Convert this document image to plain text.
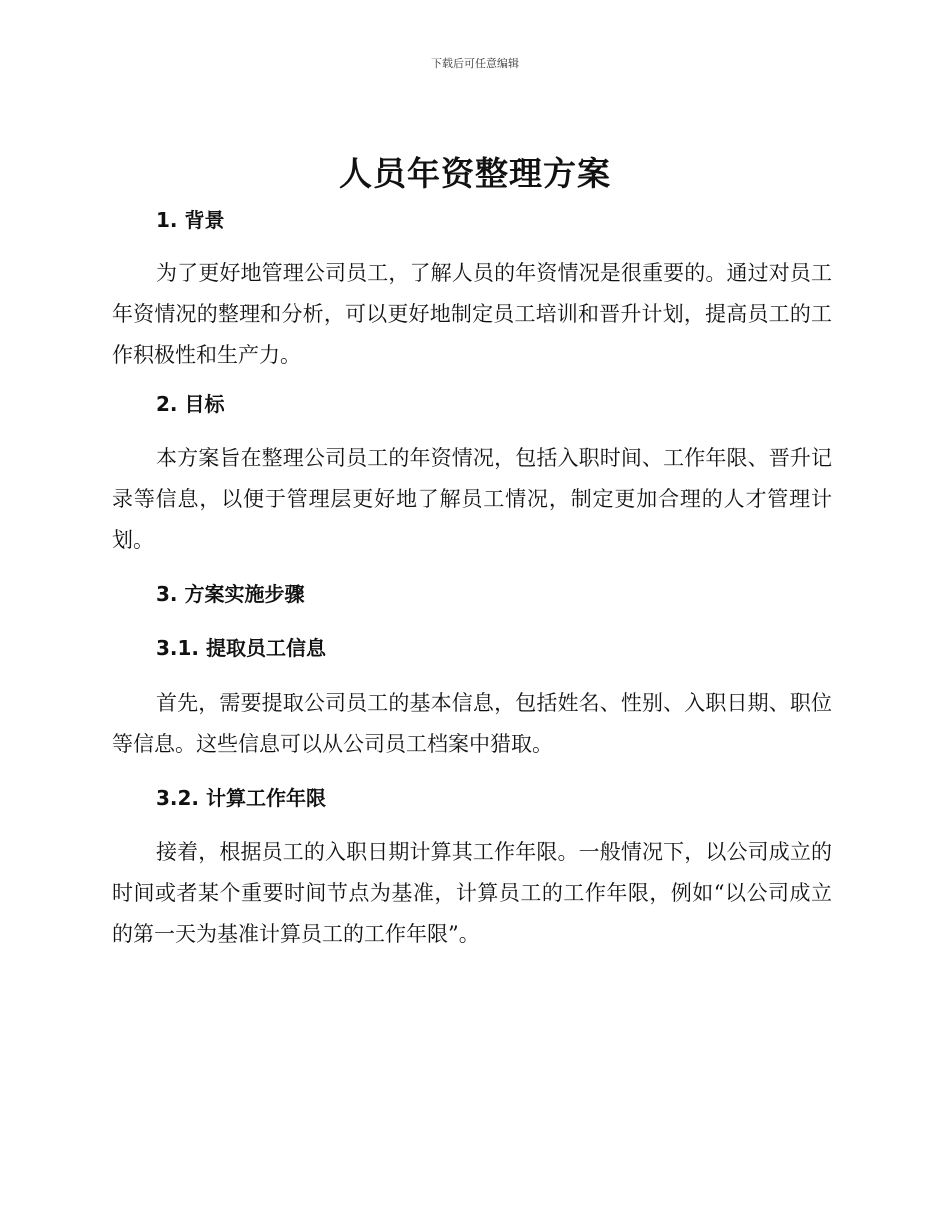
下载后可任意编辑
人员年资整理方案
1. 背景

为了更好地管理公司员工，了解人员的年资情况是很重要的。通过对员工年资情况的整理和分析，可以更好地制定员工培训和晋升计划，提高员工的工作积极性和生产力。

2. 目标

本方案旨在整理公司员工的年资情况，包括入职时间、工作年限、晋升记录等信息，以便于管理层更好地了解员工情况，制定更加合理的人才管理计划。

3. 方案实施步骤
3.1. 提取员工信息

首先，需要提取公司员工的基本信息，包括姓名、性别、入职日期、职位等信息。这些信息可以从公司员工档案中猎取。

3.2. 计算工作年限

接着，根据员工的入职日期计算其工作年限。一般情况下，以公司成立的时间或者某个重要时间节点为基准，计算员工的工作年限，例如“以公司成立的第一天为基准计算员工的工作年限”。
